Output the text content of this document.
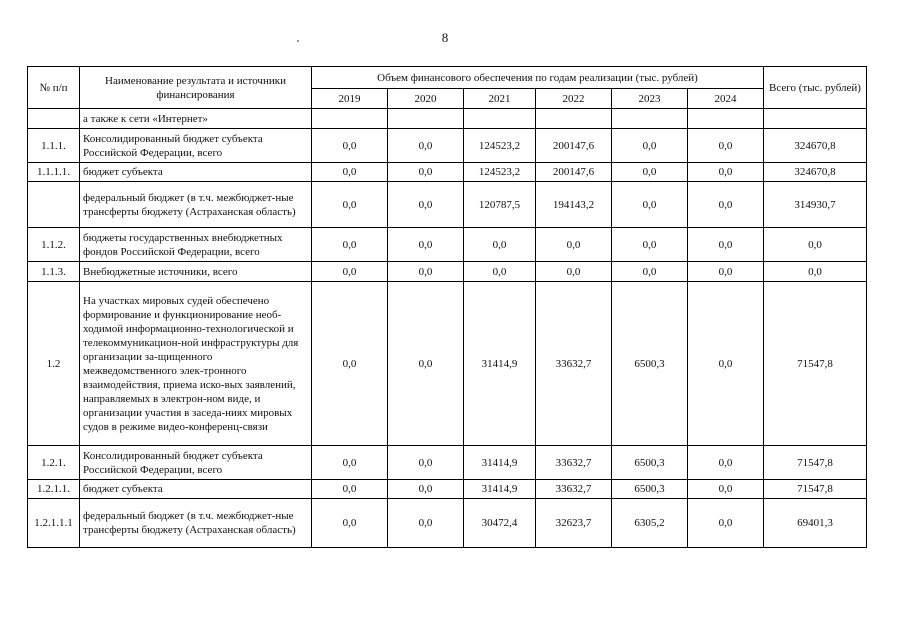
8
№ п/п	Наименование результата и источники финансирования	Объем финансового обеспечения по годам реализации (тыс. рублей)						Всего (тыс. рублей)
		2019	2020	2021	2022	2023	2024	
	а также к сети «Интернет»							
1.1.1.	Консолидированный бюджет субъекта Российской Федерации, всего	0,0	0,0	124523,2	200147,6	0,0	0,0	324670,8
1.1.1.1.	бюджет субъекта	0,0	0,0	124523,2	200147,6	0,0	0,0	324670,8
	федеральный бюджет (в т.ч. межбюджет-ные трансферты бюджету (Астраханская область)	0,0	0,0	120787,5	194143,2	0,0	0,0	314930,7
1.1.2.	бюджеты государственных внебюджетных фондов Российской Федерации, всего	0,0	0,0	0,0	0,0	0,0	0,0	0,0
1.1.3.	Внебюджетные источники, всего	0,0	0,0	0,0	0,0	0,0	0,0	0,0
1.2	На участках мировых судей обеспечено формирование и функционирование необ-ходимой информационно-технологической и телекоммуникацион-ной инфраструктуры для организации за-щищенного межведомственного элек-тронного взаимодействия, приема иско-вых заявлений, направляемых в электрон-ном виде, и организации участия в заседа-ниях мировых судов в режиме видео-конференц-связи	0,0	0,0	31414,9	33632,7	6500,3	0,0	71547,8
1.2.1.	Консолидированный бюджет субъекта Российской Федерации, всего	0,0	0,0	31414,9	33632,7	6500,3	0,0	71547,8
1.2.1.1.	бюджет субъекта	0,0	0,0	31414,9	33632,7	6500,3	0,0	71547,8
1.2.1.1.1	федеральный бюджет (в т.ч. межбюджет-ные трансферты бюджету (Астраханская область)	0,0	0,0	30472,4	32623,7	6305,2	0,0	69401,3
